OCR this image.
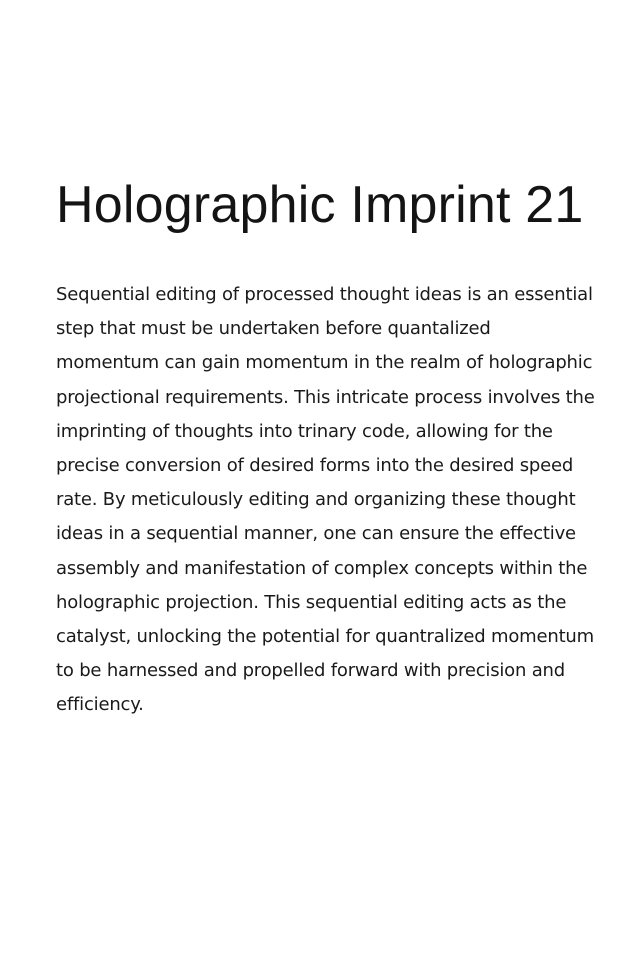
Holographic Imprint 21

Sequential editing of processed thought ideas is an essential step that must be undertaken before quantalized momentum can gain momentum in the realm of holographic projectional requirements. This intricate process involves the imprinting of thoughts into trinary code, allowing for the precise conversion of desired forms into the desired speed rate. By meticulously editing and organizing these thought ideas in a sequential manner, one can ensure the effective assembly and manifestation of complex concepts within the holographic projection. This sequential editing acts as the catalyst, unlocking the potential for quantralized momentum to be harnessed and propelled forward with precision and efficiency.
